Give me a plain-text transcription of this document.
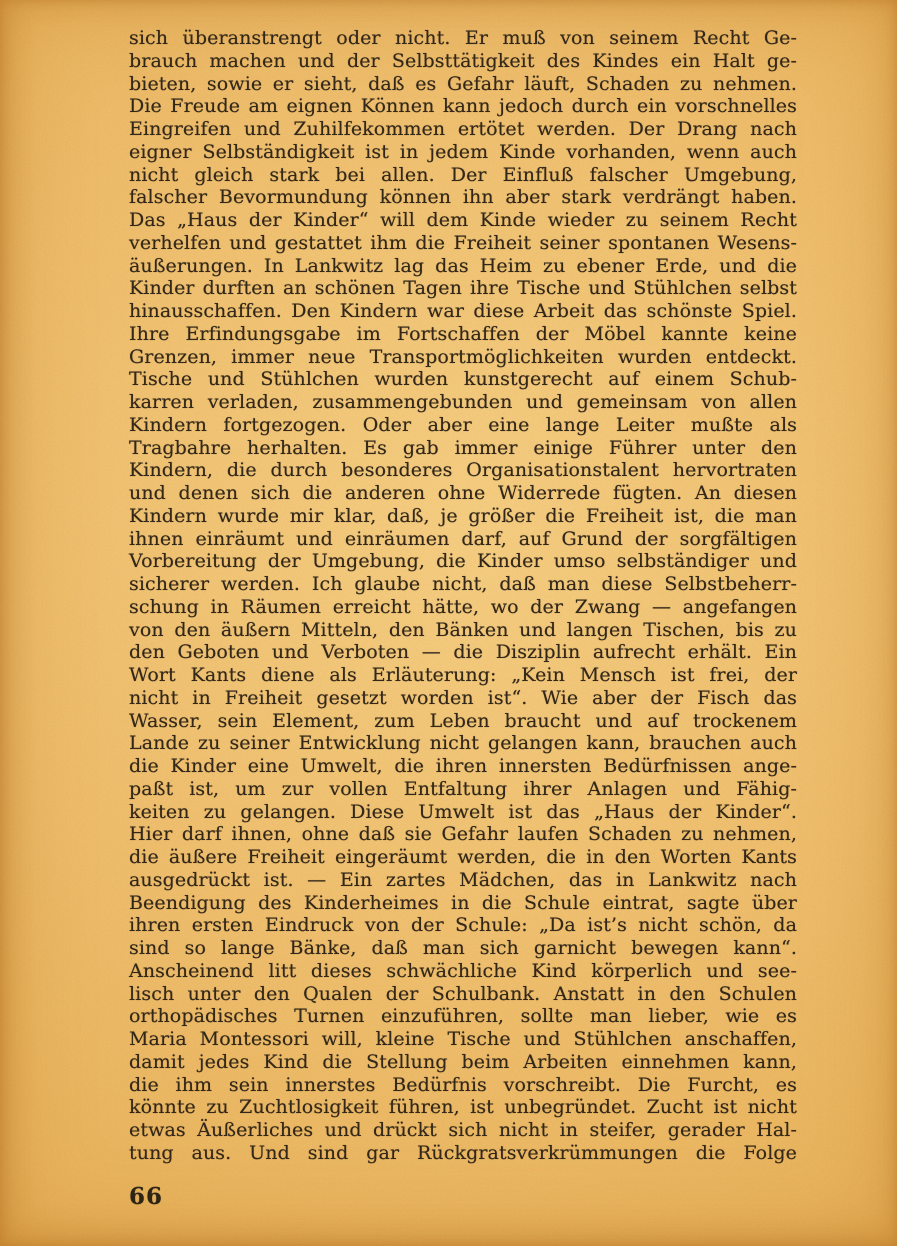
sich überanstrengt oder nicht. Er muß von seinem Recht Ge-
brauch machen und der Selbsttätigkeit des Kindes ein Halt ge-
bieten, sowie er sieht, daß es Gefahr läuft, Schaden zu nehmen.
Die Freude am eignen Können kann jedoch durch ein vorschnelles
Eingreifen und Zuhilfekommen ertötet werden. Der Drang nach
eigner Selbständigkeit ist in jedem Kinde vorhanden, wenn auch
nicht gleich stark bei allen. Der Einfluß falscher Umgebung,
falscher Bevormundung können ihn aber stark verdrängt haben.
Das „Haus der Kinder“ will dem Kinde wieder zu seinem Recht
verhelfen und gestattet ihm die Freiheit seiner spontanen Wesens-
äußerungen. In Lankwitz lag das Heim zu ebener Erde, und die
Kinder durften an schönen Tagen ihre Tische und Stühlchen selbst
hinausschaffen. Den Kindern war diese Arbeit das schönste Spiel.
Ihre Erfindungsgabe im Fortschaffen der Möbel kannte keine
Grenzen, immer neue Transportmöglichkeiten wurden entdeckt.
Tische und Stühlchen wurden kunstgerecht auf einem Schub-
karren verladen, zusammengebunden und gemeinsam von allen
Kindern fortgezogen. Oder aber eine lange Leiter mußte als
Tragbahre herhalten. Es gab immer einige Führer unter den
Kindern, die durch besonderes Organisationstalent hervortraten
und denen sich die anderen ohne Widerrede fügten. An diesen
Kindern wurde mir klar, daß, je größer die Freiheit ist, die man
ihnen einräumt und einräumen darf, auf Grund der sorgfältigen
Vorbereitung der Umgebung, die Kinder umso selbständiger und
sicherer werden. Ich glaube nicht, daß man diese Selbstbeherr-
schung in Räumen erreicht hätte, wo der Zwang — angefangen
von den äußern Mitteln, den Bänken und langen Tischen, bis zu
den Geboten und Verboten — die Disziplin aufrecht erhält. Ein
Wort Kants diene als Erläuterung: „Kein Mensch ist frei, der
nicht in Freiheit gesetzt worden ist“. Wie aber der Fisch das
Wasser, sein Element, zum Leben braucht und auf trockenem
Lande zu seiner Entwicklung nicht gelangen kann, brauchen auch
die Kinder eine Umwelt, die ihren innersten Bedürfnissen ange-
paßt ist, um zur vollen Entfaltung ihrer Anlagen und Fähig-
keiten zu gelangen. Diese Umwelt ist das „Haus der Kinder“.
Hier darf ihnen, ohne daß sie Gefahr laufen Schaden zu nehmen,
die äußere Freiheit eingeräumt werden, die in den Worten Kants
ausgedrückt ist. — Ein zartes Mädchen, das in Lankwitz nach
Beendigung des Kinderheimes in die Schule eintrat, sagte über
ihren ersten Eindruck von der Schule: „Da ist’s nicht schön, da
sind so lange Bänke, daß man sich garnicht bewegen kann“.
Anscheinend litt dieses schwächliche Kind körperlich und see-
lisch unter den Qualen der Schulbank. Anstatt in den Schulen
orthopädisches Turnen einzuführen, sollte man lieber, wie es
Maria Montessori will, kleine Tische und Stühlchen anschaffen,
damit jedes Kind die Stellung beim Arbeiten einnehmen kann,
die ihm sein innerstes Bedürfnis vorschreibt. Die Furcht, es
könnte zu Zuchtlosigkeit führen, ist unbegründet. Zucht ist nicht
etwas Äußerliches und drückt sich nicht in steifer, gerader Hal-
tung aus. Und sind gar Rückgratsverkrümmungen die Folge
66
